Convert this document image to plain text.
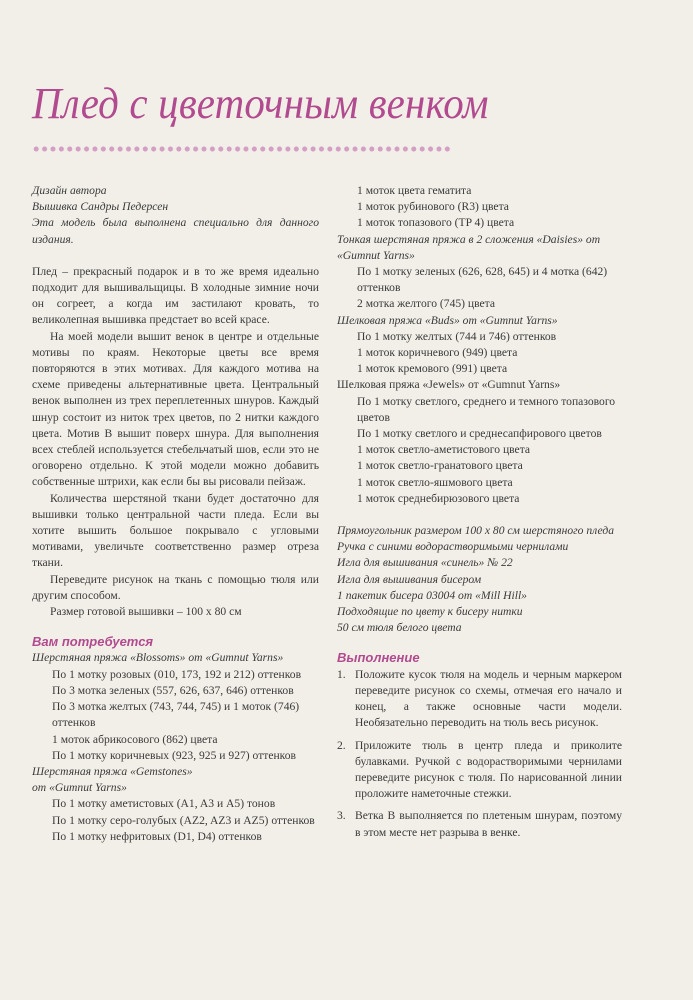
Плед с цветочным венком

Дизайн автора

Вышивка Сандры Педерсен

Эта модель была выполнена специально для данного издания.

Плед – прекрасный подарок и в то же время идеально подходит для вышивальщицы. В холодные зимние ночи он согреет, а когда им застилают кровать, то великолепная вышивка предстает во всей красе.

На моей модели вышит венок в центре и отдельные мотивы по краям. Некоторые цветы все время повторяются в этих мотивах. Для каждого мотива на схеме приведены альтернативные цвета. Центральный венок выполнен из трех переплетенных шнуров. Каждый шнур состоит из ниток трех цветов, по 2 нитки каждого цвета. Мотив В вышит поверх шнура. Для выполнения всех стеблей используется стебельчатый шов, если это не оговорено отдельно. К этой модели можно добавить собственные штрихи, как если бы вы рисовали пейзаж.

Количества шерстяной ткани будет достаточно для вышивки только центральной части пледа. Если вы хотите вышить большое покрывало с угловыми мотивами, увеличьте соответственно размер отреза ткани.

Переведите рисунок на ткань с помощью тюля или другим способом.

Размер готовой вышивки – 100 x 80 см

Вам потребуется

Шерстяная пряжа «Blossoms» от «Gumnut Yarns»

По 1 мотку розовых (010, 173, 192 и 212) оттенков

По 3 мотка зеленых (557, 626, 637, 646) оттенков

По 3 мотка желтых (743, 744, 745) и 1 моток (746) оттенков

1 моток абрикосового (862) цвета

По 1 мотку коричневых (923, 925 и 927) оттенков

Шерстяная пряжа «Gemstones»

от «Gumnut Yarns»

По 1 мотку аметистовых (A1, A3 и A5) тонов

По 1 мотку серо-голубых (AZ2, AZ3 и AZ5) оттенков

По 1 мотку нефритовых (D1, D4) оттенков

1 моток цвета гематита

1 моток рубинового (R3) цвета

1 моток топазового (TP 4) цвета

Тонкая шерстяная пряжа в 2 сложения «Daisies» от «Gumnut Yarns»

По 1 мотку зеленых (626, 628, 645) и 4 мотка (642) оттенков

2 мотка желтого (745) цвета

Шелковая пряжа «Buds» от «Gumnut Yarns»

По 1 мотку желтых (744 и 746) оттенков

1 моток коричневого (949) цвета

1 моток кремового (991) цвета

Шелковая пряжа «Jewels» от «Gumnut Yarns»

По 1 мотку светлого, среднего и темного топазового цветов

По 1 мотку светлого и среднесапфирового цветов

1 моток светло-аметистового цвета

1 моток светло-гранатового цвета

1 моток светло-яшмового цвета

1 моток среднебирюзового цвета

Прямоугольник размером 100 x 80 см шерстяного пледа

Ручка с синими водорастворимыми чернилами

Игла для вышивания «синель» № 22

Игла для вышивания бисером

1 пакетик бисера 03004 от «Mill Hill»

Подходящие по цвету к бисеру нитки

50 см тюля белого цвета

Выполнение

1. Положите кусок тюля на модель и черным маркером переведите рисунок со схемы, отмечая его начало и конец, а также основные части модели. Необязательно переводить на тюль весь рисунок.
2. Приложите тюль в центр пледа и приколите булавками. Ручкой с водорастворимыми чернилами переведите рисунок с тюля. По нарисованной линии проложите наметочные стежки.
3. Ветка В выполняется по плетеным шнурам, поэтому в этом месте нет разрыва в венке.
